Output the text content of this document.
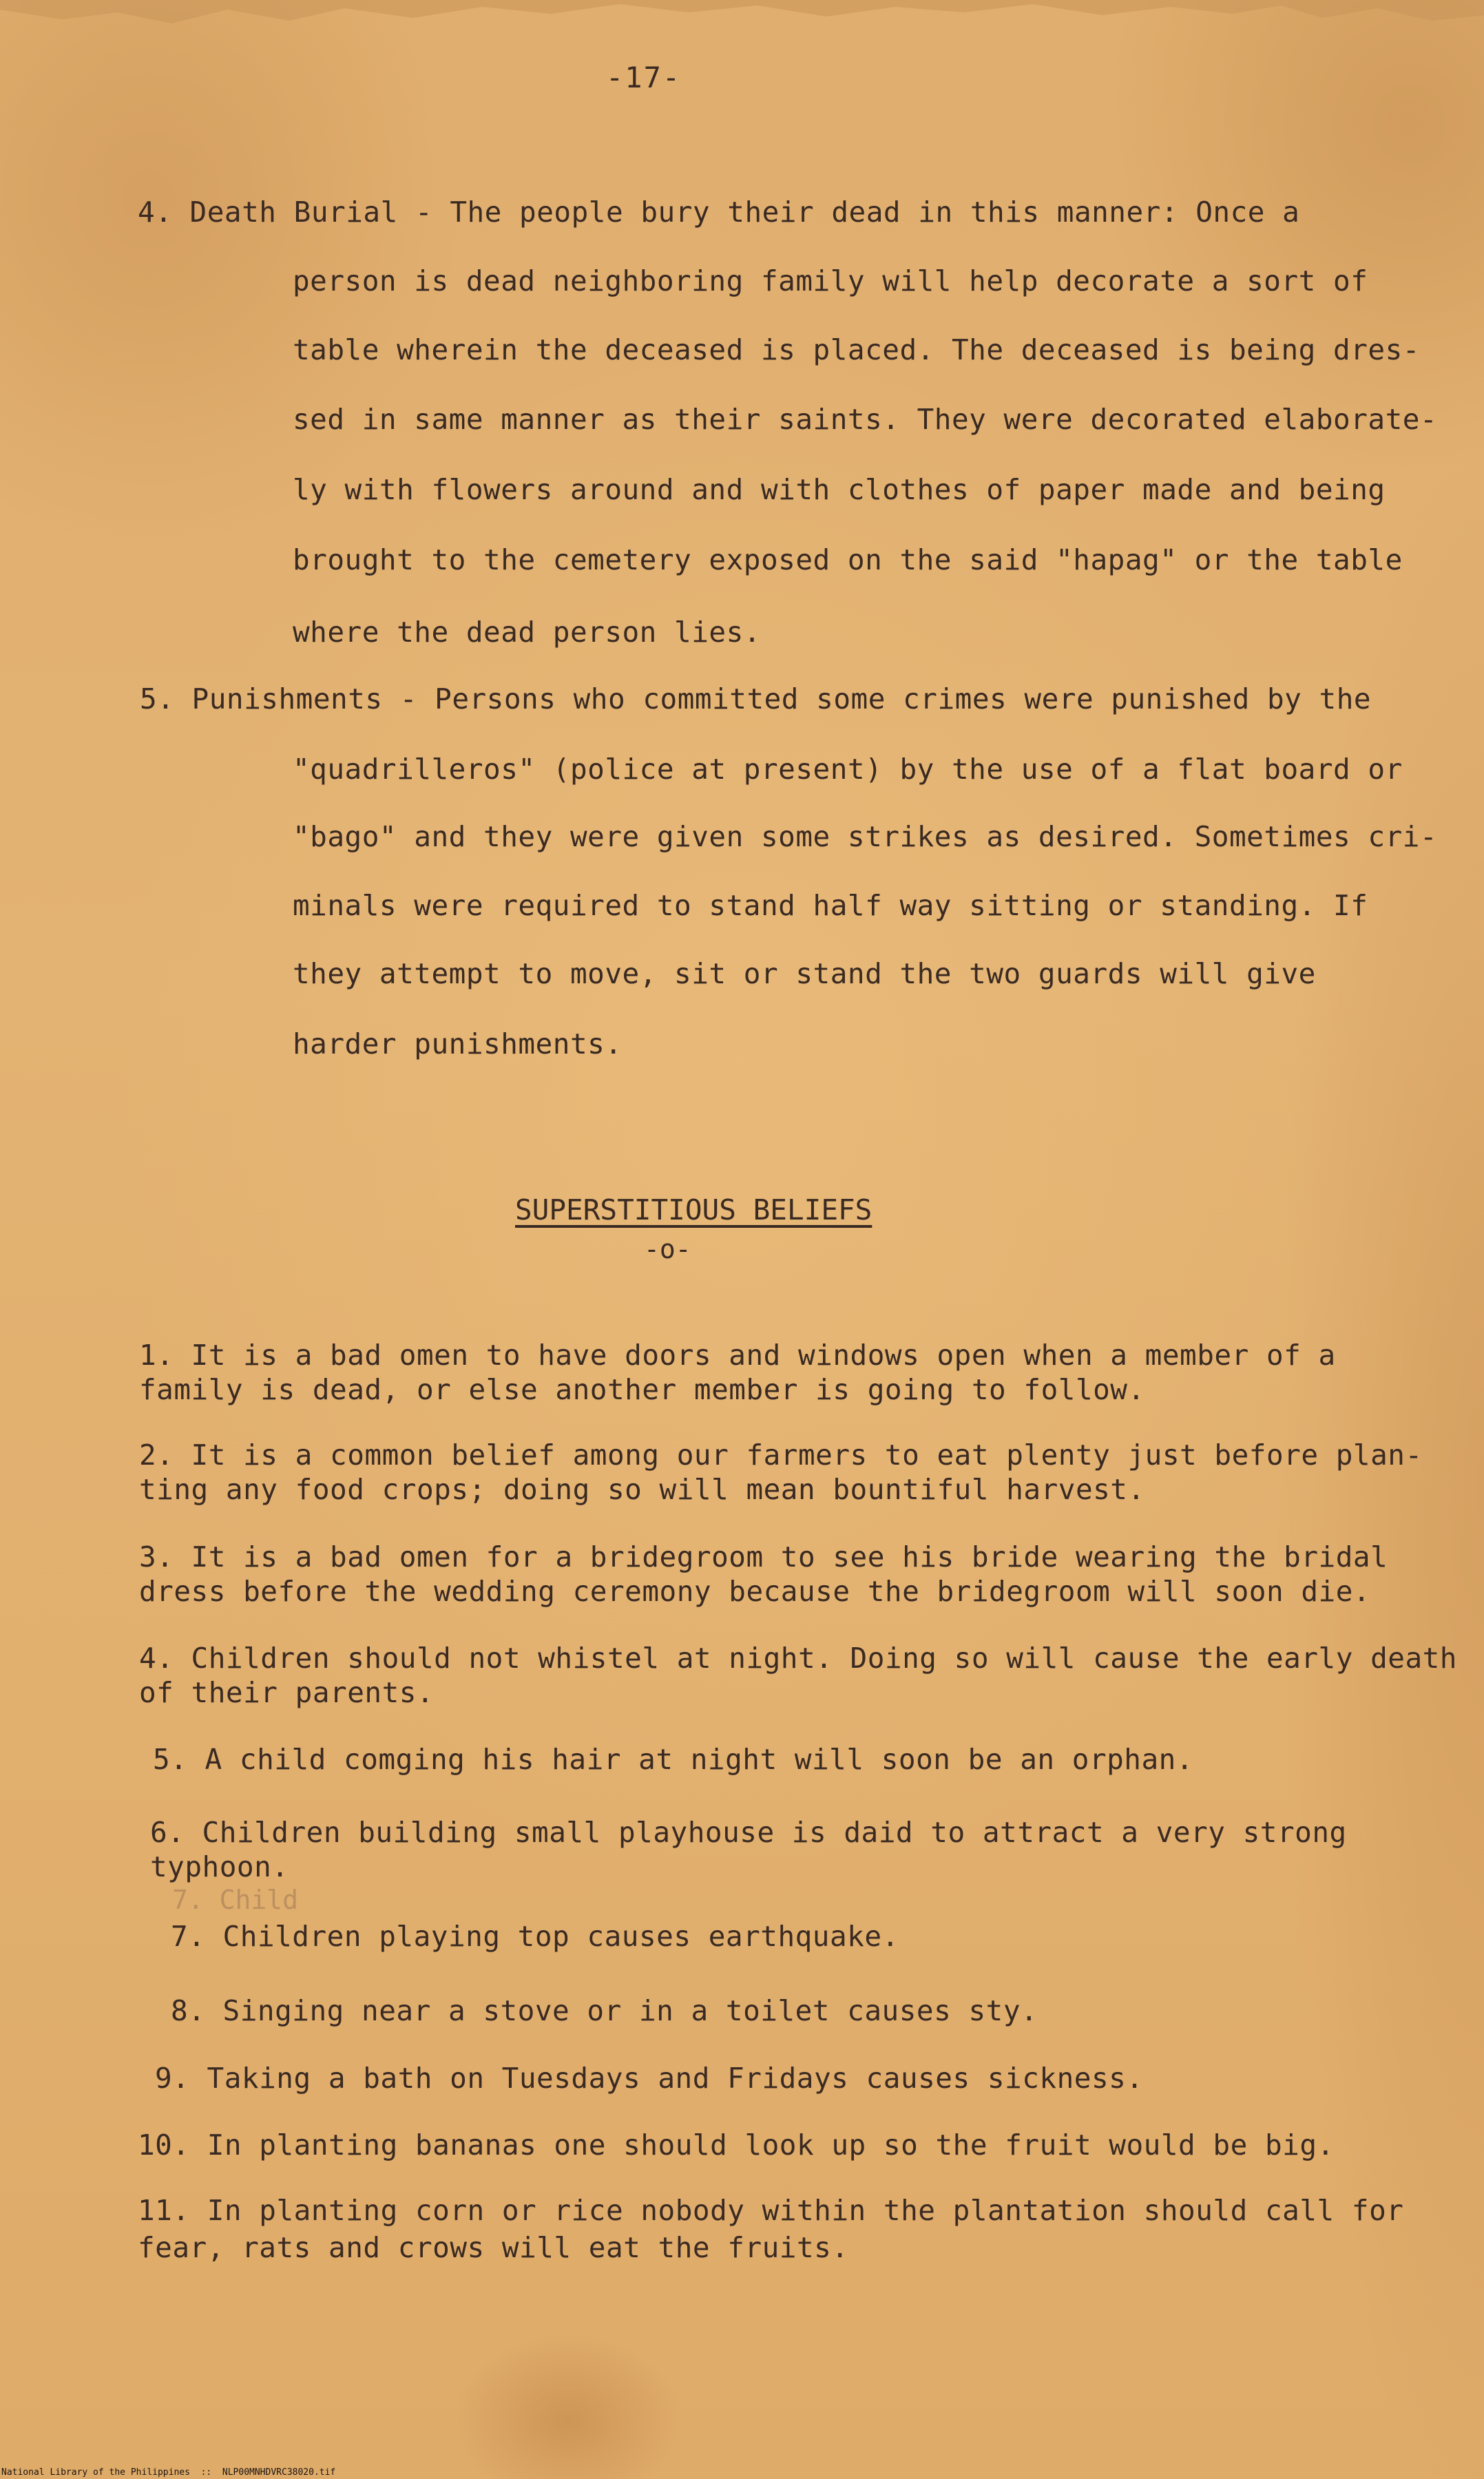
-17-
4. Death Burial - The people bury their dead in this manner: Once a
person is dead neighboring family will help decorate a sort of
table wherein the deceased is placed. The deceased is being dres-
sed in same manner as their saints. They were decorated elaborate-
ly with flowers around and with clothes of paper made and being
brought to the cemetery exposed on the said "hapag" or the table
where the dead person lies.
5. Punishments - Persons who committed some crimes were punished by the
"quadrilleros" (police at present) by the use of a flat board or
"bago" and they were given some strikes as desired. Sometimes cri-
minals were required to stand half way sitting or standing. If
they attempt to move, sit or stand the two guards will give
harder punishments.
SUPERSTITIOUS BELIEFS
-o-
1. It is a bad omen to have doors and windows open when a member of a
family is dead, or else another member is going to follow.
2. It is a common belief among our farmers to eat plenty just before plan-
ting any food crops; doing so will mean bountiful harvest.
3. It is a bad omen for a bridegroom to see his bride wearing the bridal
dress before the wedding ceremony because the bridegroom will soon die.
4. Children should not whistel at night. Doing so will cause the early death
of their parents.
5. A child comging his hair at night will soon be an orphan.
6. Children building small playhouse is daid to attract a very strong
typhoon.
7. Child
7. Children playing top causes earthquake.
8. Singing near a stove or in a toilet causes sty.
9. Taking a bath on Tuesdays and Fridays causes sickness.
10. In planting bananas one should look up so the fruit would be big.
11. In planting corn or rice nobody within the plantation should call for
fear, rats and crows will eat the fruits.
National Library of the Philippines  ::  NLP00MNHDVRC38020.tif
